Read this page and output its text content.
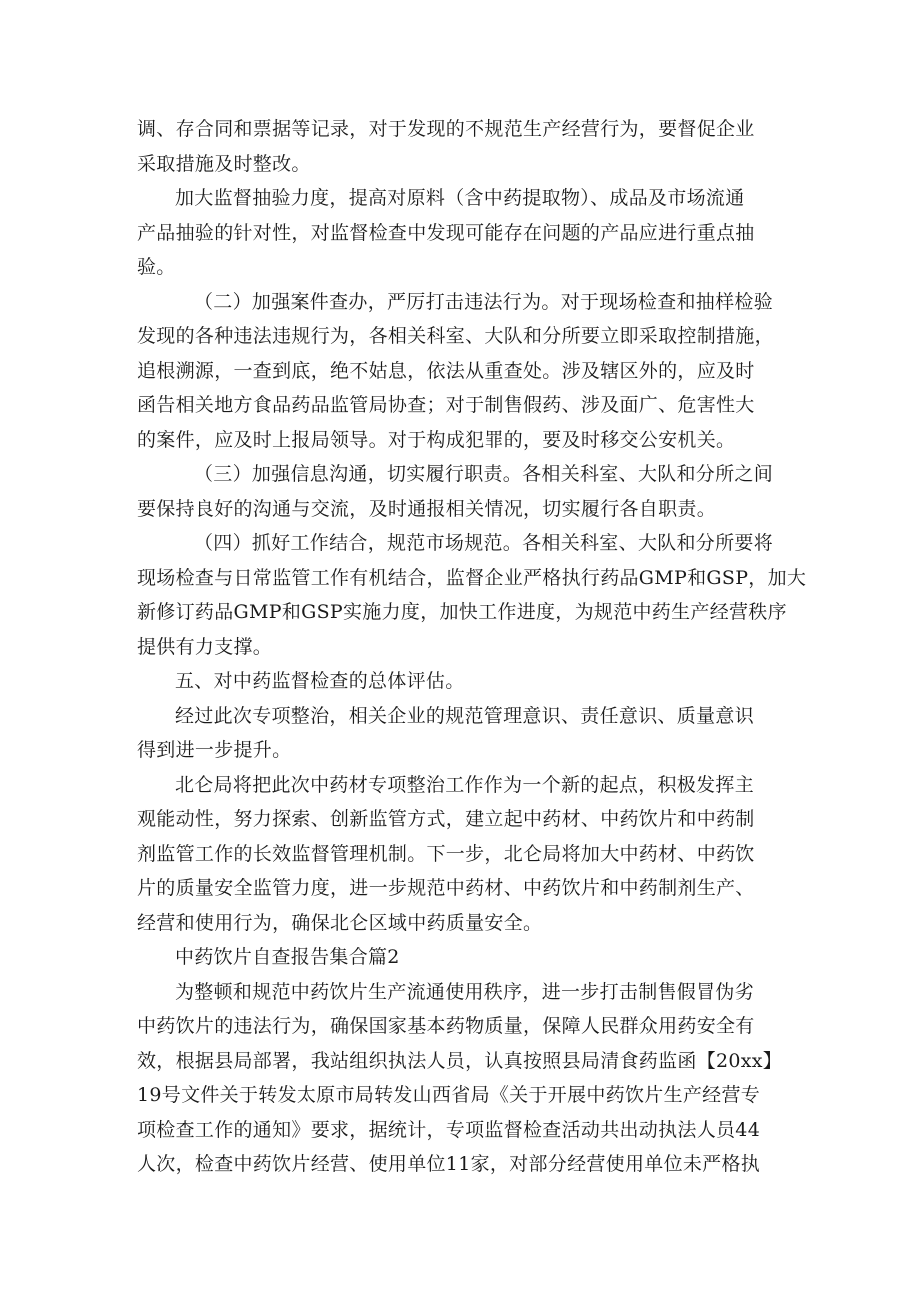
调、存合同和票据等记录，对于发现的不规范生产经营行为，要督促企业
采取措施及时整改。
加大监督抽验力度，提高对原料（含中药提取物）、成品及市场流通
产品抽验的针对性，对监督检查中发现可能存在问题的产品应进行重点抽
验。
（二）加强案件查办，严厉打击违法行为。对于现场检查和抽样检验
发现的各种违法违规行为，各相关科室、大队和分所要立即采取控制措施，
追根溯源，一查到底，绝不姑息，依法从重查处。涉及辖区外的，应及时
函告相关地方食品药品监管局协查；对于制售假药、涉及面广、危害性大
的案件，应及时上报局领导。对于构成犯罪的，要及时移交公安机关。
（三）加强信息沟通，切实履行职责。各相关科室、大队和分所之间
要保持良好的沟通与交流，及时通报相关情况，切实履行各自职责。
（四）抓好工作结合，规范市场规范。各相关科室、大队和分所要将
现场检查与日常监管工作有机结合，监督企业严格执行药品GMP和GSP，加大
新修订药品GMP和GSP实施力度，加快工作进度，为规范中药生产经营秩序
提供有力支撑。
五、对中药监督检查的总体评估。
经过此次专项整治，相关企业的规范管理意识、责任意识、质量意识
得到进一步提升。
北仑局将把此次中药材专项整治工作作为一个新的起点，积极发挥主
观能动性，努力探索、创新监管方式，建立起中药材、中药饮片和中药制
剂监管工作的长效监督管理机制。下一步，北仑局将加大中药材、中药饮
片的质量安全监管力度，进一步规范中药材、中药饮片和中药制剂生产、
经营和使用行为，确保北仑区域中药质量安全。
中药饮片自查报告集合篇2
为整顿和规范中药饮片生产流通使用秩序，进一步打击制售假冒伪劣
中药饮片的违法行为，确保国家基本药物质量，保障人民群众用药安全有
效，根据县局部署，我站组织执法人员，认真按照县局清食药监函【20xx】
19号文件关于转发太原市局转发山西省局《关于开展中药饮片生产经营专
项检查工作的通知》要求，据统计，专项监督检查活动共出动执法人员44
人次，检查中药饮片经营、使用单位11家，对部分经营使用单位未严格执
